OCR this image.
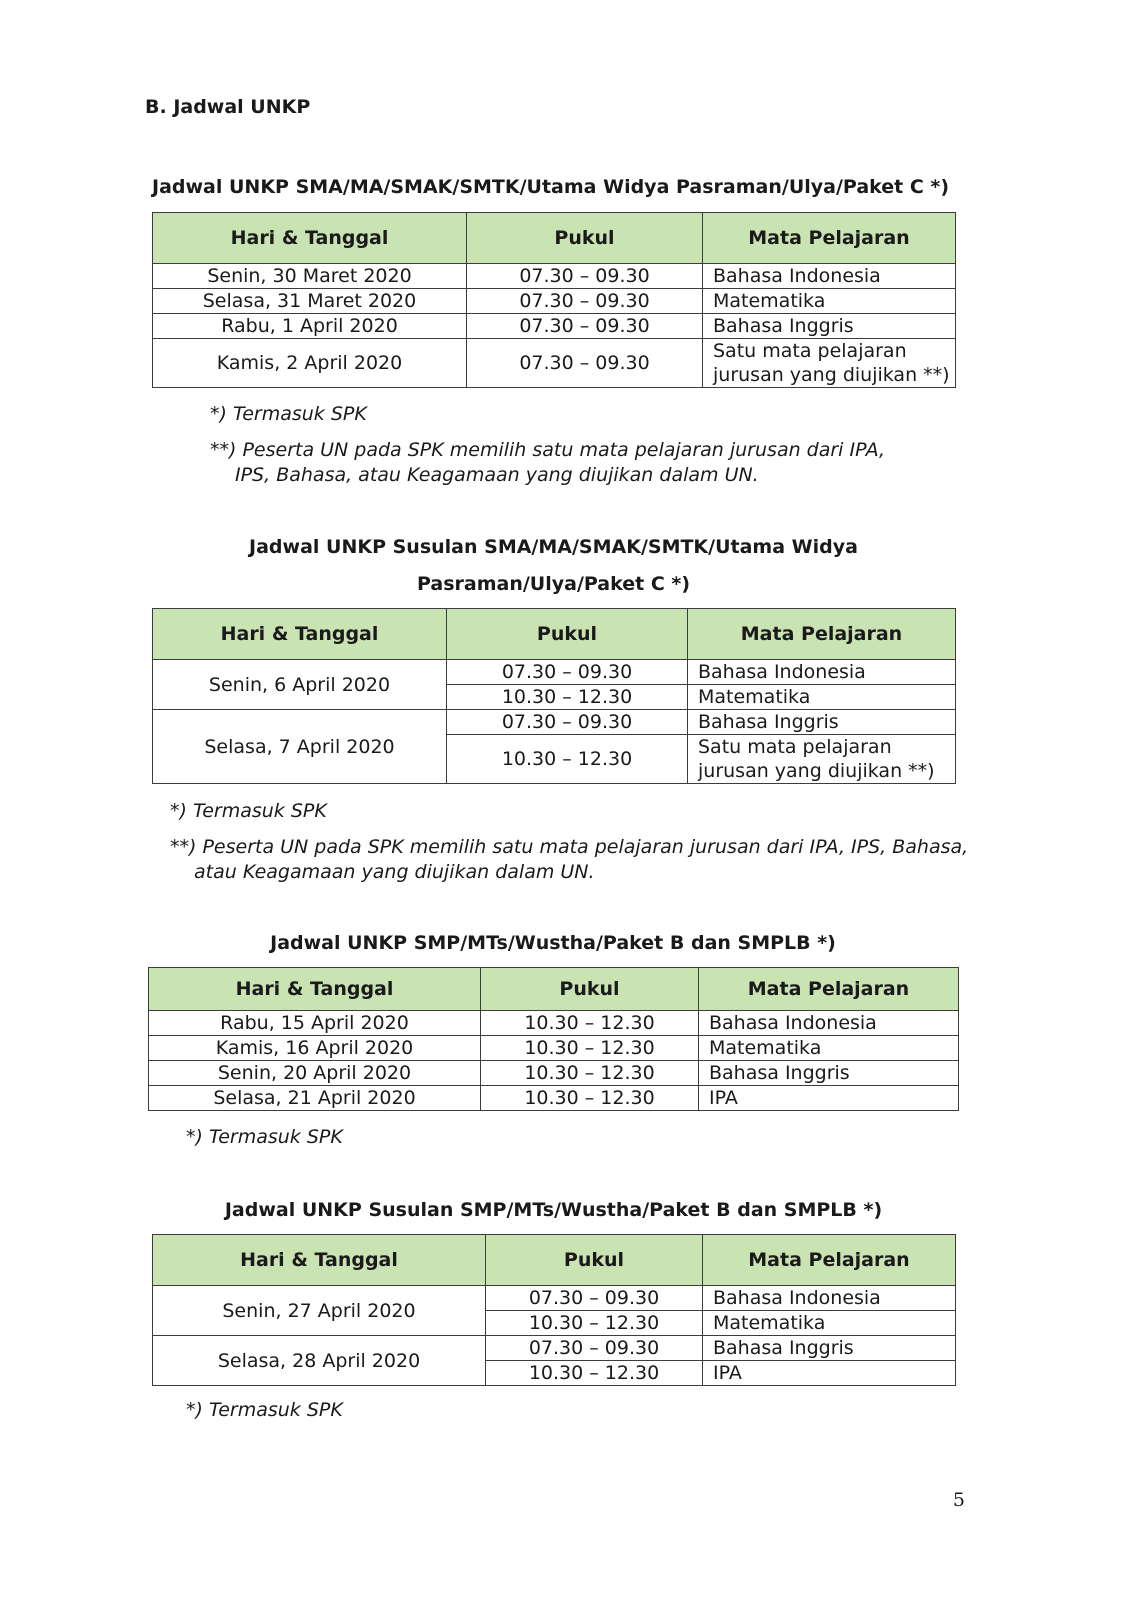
B. Jadwal UNKP
Jadwal UNKP SMA/MA/SMAK/SMTK/Utama Widya Pasraman/Ulya/Paket C *)
Hari & Tanggal	Pukul	Mata Pelajaran
Senin, 30 Maret 2020	07.30 – 09.30	Bahasa Indonesia
Selasa, 31 Maret 2020	07.30 – 09.30	Matematika
Rabu, 1 April 2020	07.30 – 09.30	Bahasa Inggris
Kamis, 2 April 2020	07.30 – 09.30	Satu mata pelajaran
jurusan yang diujikan **)
*) Termasuk SPK
**) Peserta UN pada SPK memilih satu mata pelajaran jurusan dari IPA,
IPS, Bahasa, atau Keagamaan yang diujikan dalam UN.
Jadwal UNKP Susulan SMA/MA/SMAK/SMTK/Utama Widya
Pasraman/Ulya/Paket C *)
Hari & Tanggal	Pukul	Mata Pelajaran
Senin, 6 April 2020	07.30 – 09.30	Bahasa Indonesia
	10.30 – 12.30	Matematika
Selasa, 7 April 2020	07.30 – 09.30	Bahasa Inggris
	10.30 – 12.30	Satu mata pelajaran
jurusan yang diujikan **)
*) Termasuk SPK
**) Peserta UN pada SPK memilih satu mata pelajaran jurusan dari IPA, IPS, Bahasa,
atau Keagamaan yang diujikan dalam UN.
Jadwal UNKP SMP/MTs/Wustha/Paket B dan SMPLB *)
Hari & Tanggal	Pukul	Mata Pelajaran
Rabu, 15 April 2020	10.30 – 12.30	Bahasa Indonesia
Kamis, 16 April 2020	10.30 – 12.30	Matematika
Senin, 20 April 2020	10.30 – 12.30	Bahasa Inggris
Selasa, 21 April 2020	10.30 – 12.30	IPA
*) Termasuk SPK
Jadwal UNKP Susulan SMP/MTs/Wustha/Paket B dan SMPLB *)
Hari & Tanggal	Pukul	Mata Pelajaran
Senin, 27 April 2020	07.30 – 09.30	Bahasa Indonesia
	10.30 – 12.30	Matematika
Selasa, 28 April 2020	07.30 – 09.30	Bahasa Inggris
	10.30 – 12.30	IPA
*) Termasuk SPK
5
